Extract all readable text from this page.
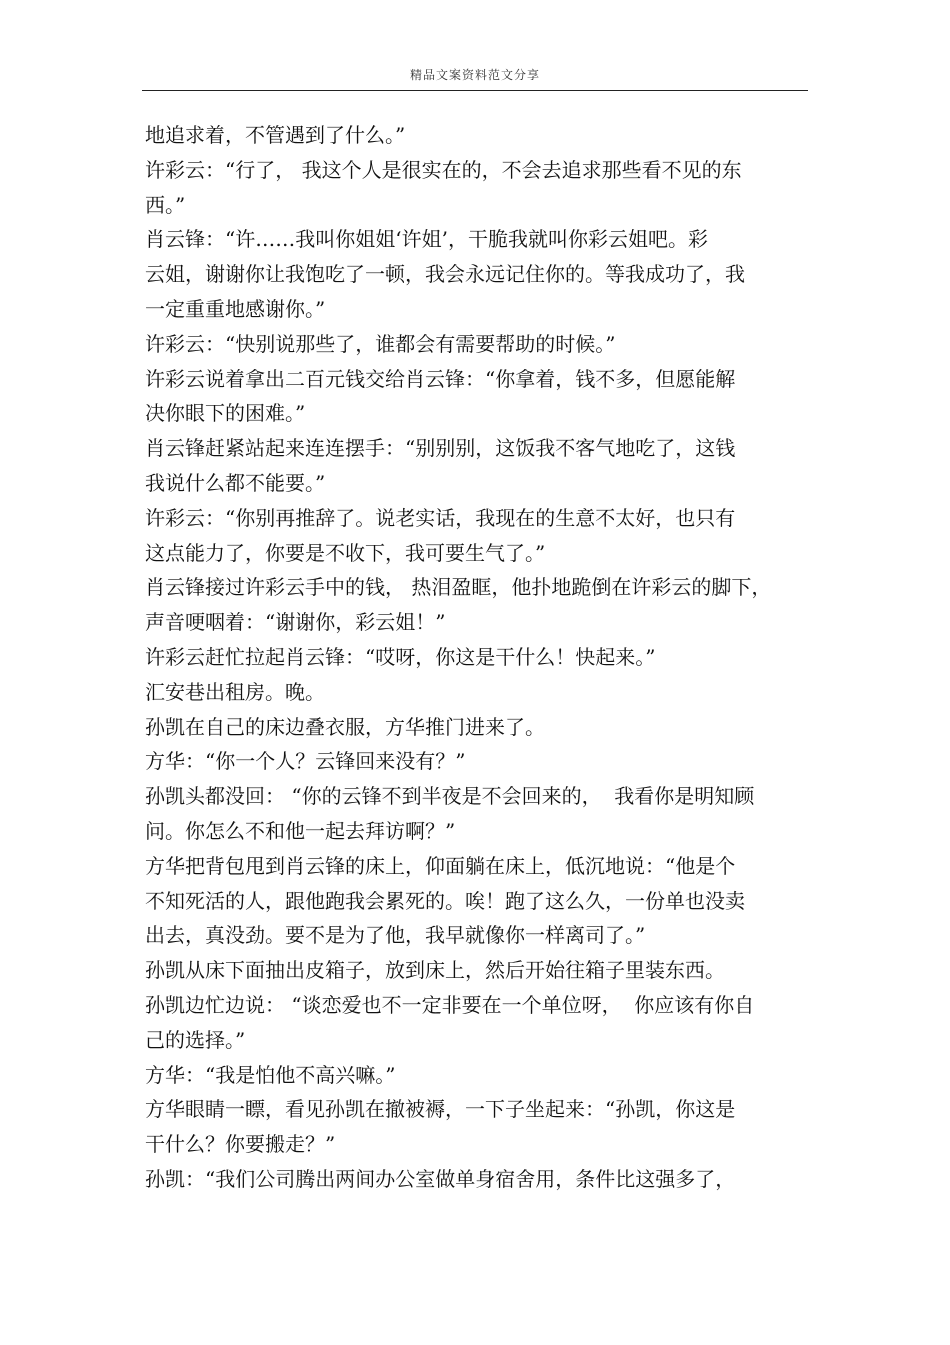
精品文案资料范文分享
地追求着，不管遇到了什么。”
许彩云：“行了， 我这个人是很实在的，不会去追求那些看不见的东
西。”
肖云锋：“许……我叫你姐姐‘许姐’，干脆我就叫你彩云姐吧。彩
云姐，谢谢你让我饱吃了一顿，我会永远记住你的。等我成功了，我
一定重重地感谢你。”
许彩云：“快别说那些了，谁都会有需要帮助的时候。”
许彩云说着拿出二百元钱交给肖云锋：“你拿着，钱不多，但愿能解
决你眼下的困难。”
肖云锋赶紧站起来连连摆手：“别别别，这饭我不客气地吃了，这钱
我说什么都不能要。”
许彩云：“你别再推辞了。说老实话，我现在的生意不太好，也只有
这点能力了，你要是不收下，我可要生气了。”
肖云锋接过许彩云手中的钱， 热泪盈眶，他扑地跪倒在许彩云的脚下，
声音哽咽着：“谢谢你，彩云姐！”
许彩云赶忙拉起肖云锋：“哎呀，你这是干什么！快起来。”
汇安巷出租房。晚。
孙凯在自己的床边叠衣服，方华推门进来了。
方华：“你一个人？云锋回来没有？”
孙凯头都没回： “你的云锋不到半夜是不会回来的，  我看你是明知顾
问。你怎么不和他一起去拜访啊？”
方华把背包甩到肖云锋的床上，仰面躺在床上，低沉地说：“他是个
不知死活的人，跟他跑我会累死的。唉！跑了这么久，一份单也没卖
出去，真没劲。要不是为了他，我早就像你一样离司了。”
孙凯从床下面抽出皮箱子，放到床上，然后开始往箱子里装东西。
孙凯边忙边说： “谈恋爱也不一定非要在一个单位呀，  你应该有你自
己的选择。”
方华：“我是怕他不高兴嘛。”
方华眼睛一瞟，看见孙凯在撤被褥，一下子坐起来：“孙凯，你这是
干什么？你要搬走？”
孙凯：“我们公司腾出两间办公室做单身宿舍用，条件比这强多了，
